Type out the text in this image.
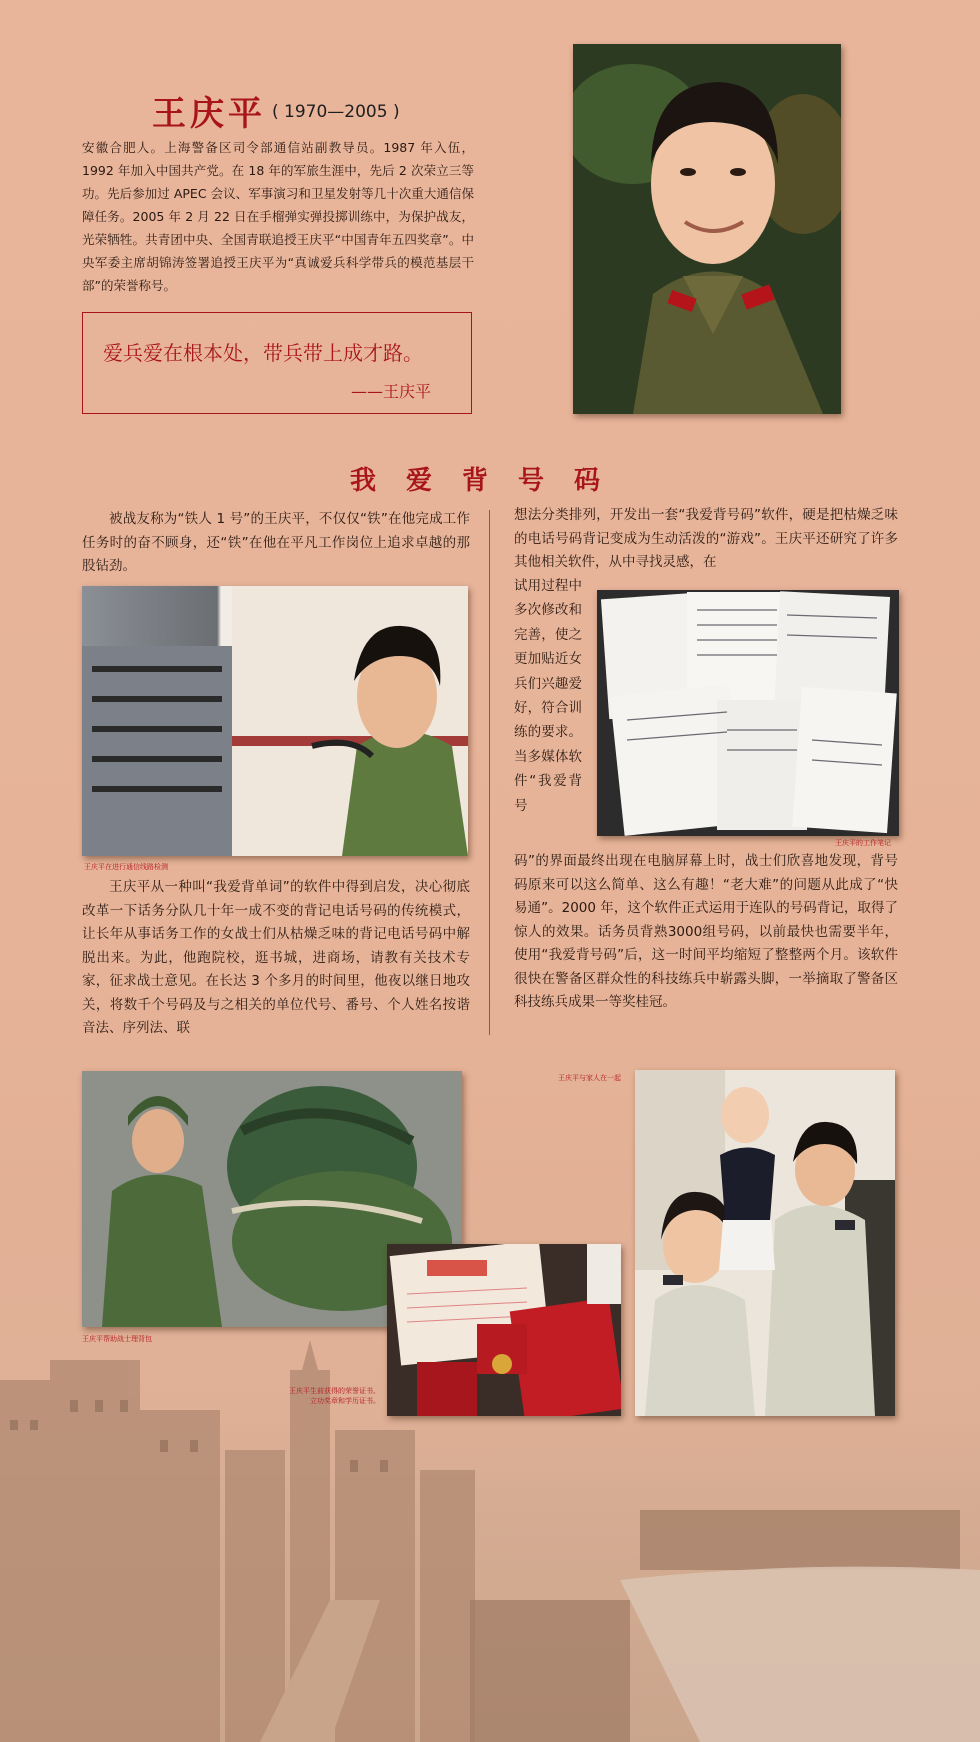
王庆平 ( 1970—2005 )
安徽合肥人。上海警备区司令部通信站副教导员。1987 年入伍，1992 年加入中国共产党。在 18 年的军旅生涯中，先后 2 次荣立三等功。先后参加过 APEC 会议、军事演习和卫星发射等几十次重大通信保障任务。2005 年 2 月 22 日在手榴弹实弹投掷训练中，为保护战友，光荣牺牲。共青团中央、全国青联追授王庆平“中国青年五四奖章”。中央军委主席胡锦涛签署追授王庆平为“真诚爱兵科学带兵的模范基层干部”的荣誉称号。
爱兵爱在根本处，带兵带上成才路。
——王庆平
我爱背号码

被战友称为“铁人 1 号”的王庆平，不仅仅“铁”在他完成工作任务时的奋不顾身，还“铁”在他在平凡工作岗位上追求卓越的那股钻劲。

王庆平在进行通信线路检测

王庆平从一种叫“我爱背单词”的软件中得到启发，决心彻底改革一下话务分队几十年一成不变的背记电话号码的传统模式，让长年从事话务工作的女战士们从枯燥乏味的背记电话号码中解脱出来。为此，他跑院校，逛书城，进商场，请教有关技术专家，征求战士意见。在长达 3 个多月的时间里，他夜以继日地攻关，将数千个号码及与之相关的单位代号、番号、个人姓名按谐音法、序列法、联

想法分类排列，开发出一套“我爱背号码”软件，硬是把枯燥乏味的电话号码背记变成为生动活泼的“游戏”。王庆平还研究了许多其他相关软件，从中寻找灵感，在

试用过程中多次修改和完善，使之更加贴近女兵们兴趣爱好，符合训练的要求。当多媒体软件“我爱背号

王庆平的工作笔记

码”的界面最终出现在电脑屏幕上时，战士们欣喜地发现，背号码原来可以这么简单、这么有趣！“老大难”的问题从此成了“快易通”。2000 年，这个软件正式运用于连队的号码背记，取得了惊人的效果。话务员背熟3000组号码，以前最快也需要半年，使用“我爱背号码”后，这一时间平均缩短了整整两个月。该软件很快在警备区群众性的科技练兵中崭露头脚，一举摘取了警备区科技练兵成果一等奖桂冠。

王庆平帮助战士理背包
王庆平与家人在一起
王庆平生前获得的荣誉证书、立功奖章和学历证书。
